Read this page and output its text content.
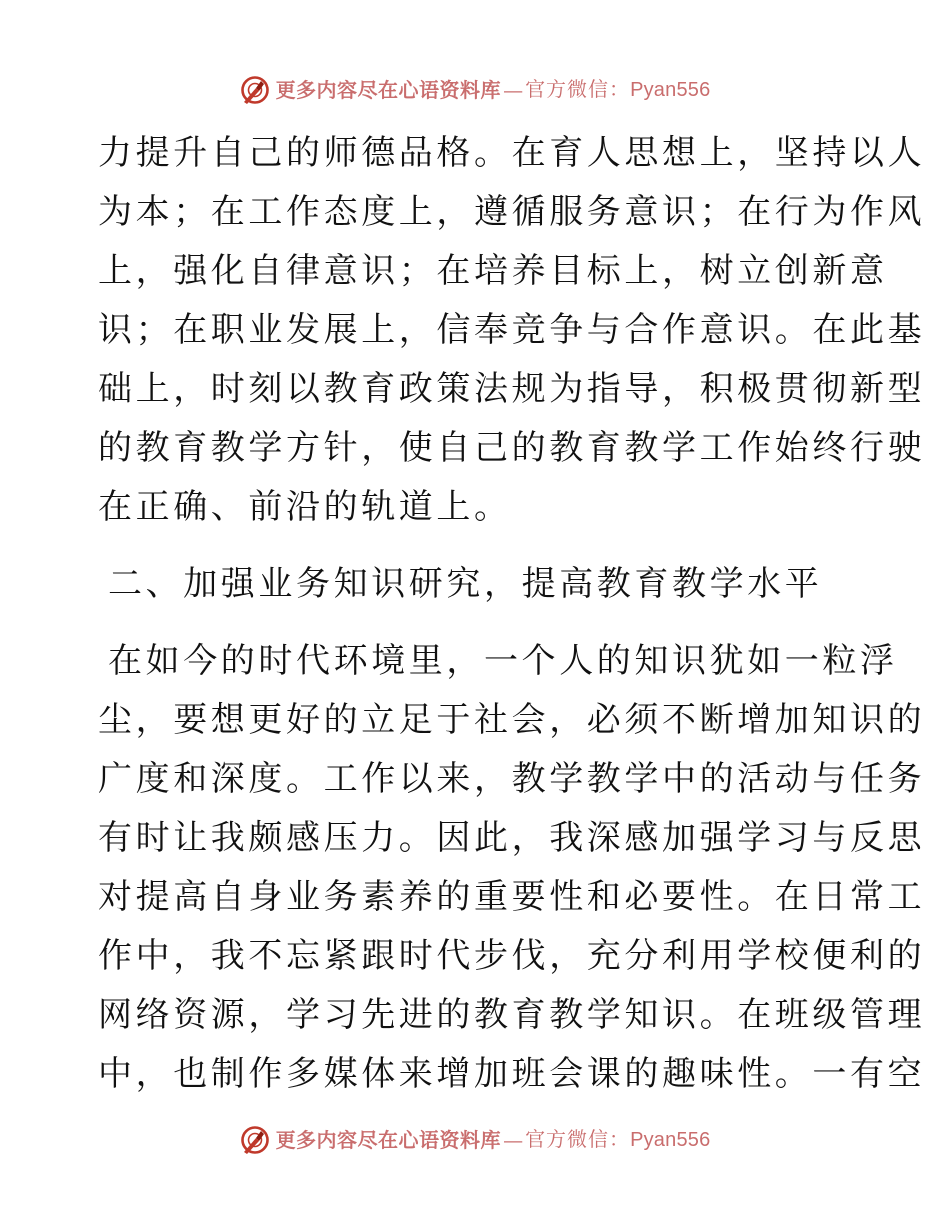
更多内容尽在心语资料库 — 官方微信： Pyan556
力提升自己的师德品格。在育人思想上，坚持以人
为本；在工作态度上，遵循服务意识；在行为作风
上，强化自律意识；在培养目标上，树立创新意
识；在职业发展上，信奉竞争与合作意识。在此基
础上，时刻以教育政策法规为指导，积极贯彻新型
的教育教学方针，使自己的教育教学工作始终行驶
在正确、前沿的轨道上。
二、加强业务知识研究，提高教育教学水平
在如今的时代环境里，一个人的知识犹如一粒浮
尘，要想更好的立足于社会，必须不断增加知识的
广度和深度。工作以来，教学教学中的活动与任务
有时让我颇感压力。因此，我深感加强学习与反思
对提高自身业务素养的重要性和必要性。在日常工
作中，我不忘紧跟时代步伐，充分利用学校便利的
网络资源，学习先进的教育教学知识。在班级管理
中，也制作多媒体来增加班会课的趣味性。一有空
更多内容尽在心语资料库 — 官方微信： Pyan556
